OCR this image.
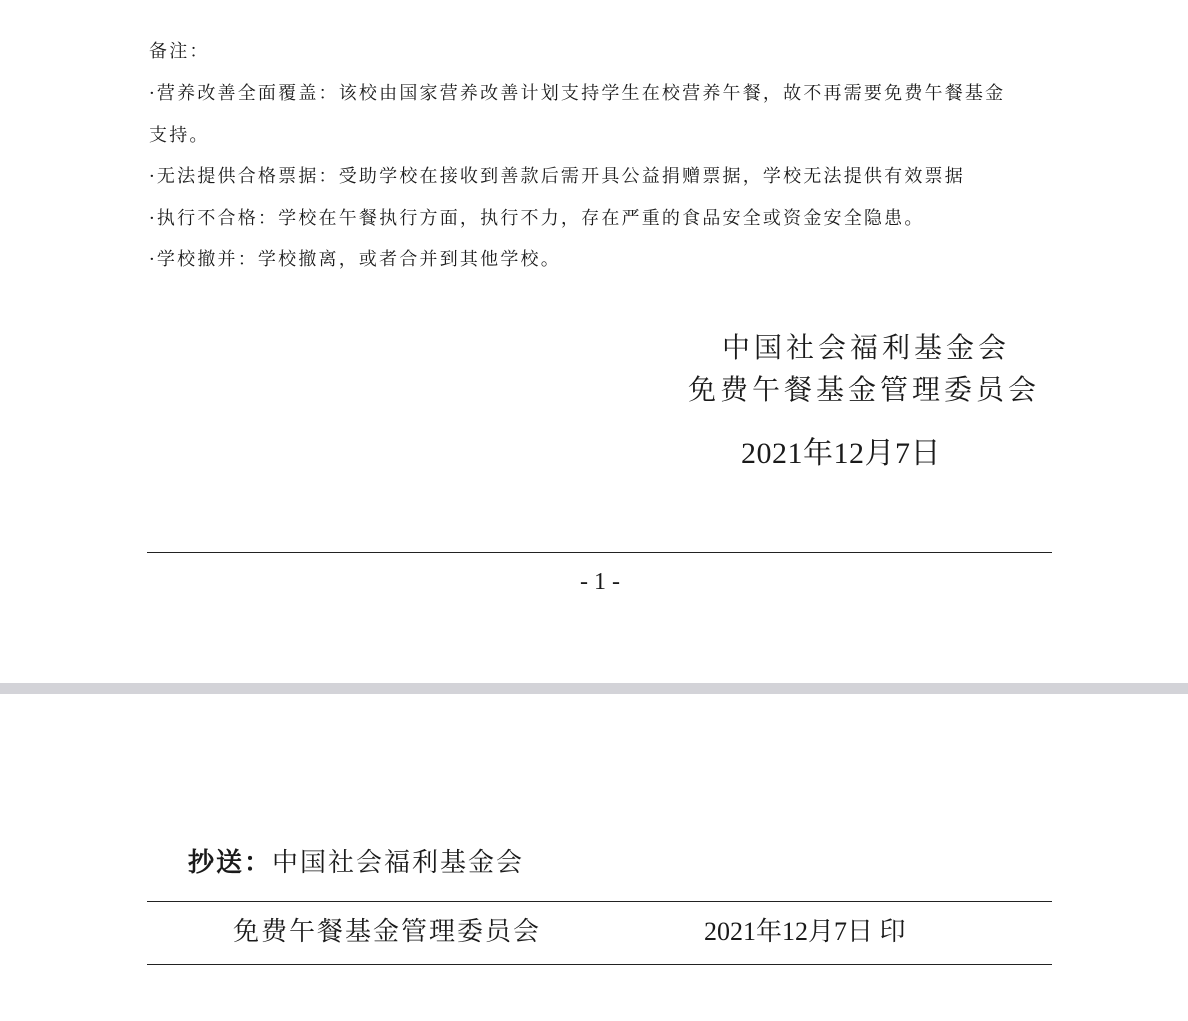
备注：
·营养改善全面覆盖：该校由国家营养改善计划支持学生在校营养午餐，故不再需要免费午餐基金
支持。
·无法提供合格票据：受助学校在接收到善款后需开具公益捐赠票据，学校无法提供有效票据
·执行不合格：学校在午餐执行方面，执行不力，存在严重的食品安全或资金安全隐患。
·学校撤并：学校撤离，或者合并到其他学校。
中国社会福利基金会
免费午餐基金管理委员会
2021年12月7日
- 1 -
抄送：中国社会福利基金会
免费午餐基金管理委员会	2021年12月7日 印
